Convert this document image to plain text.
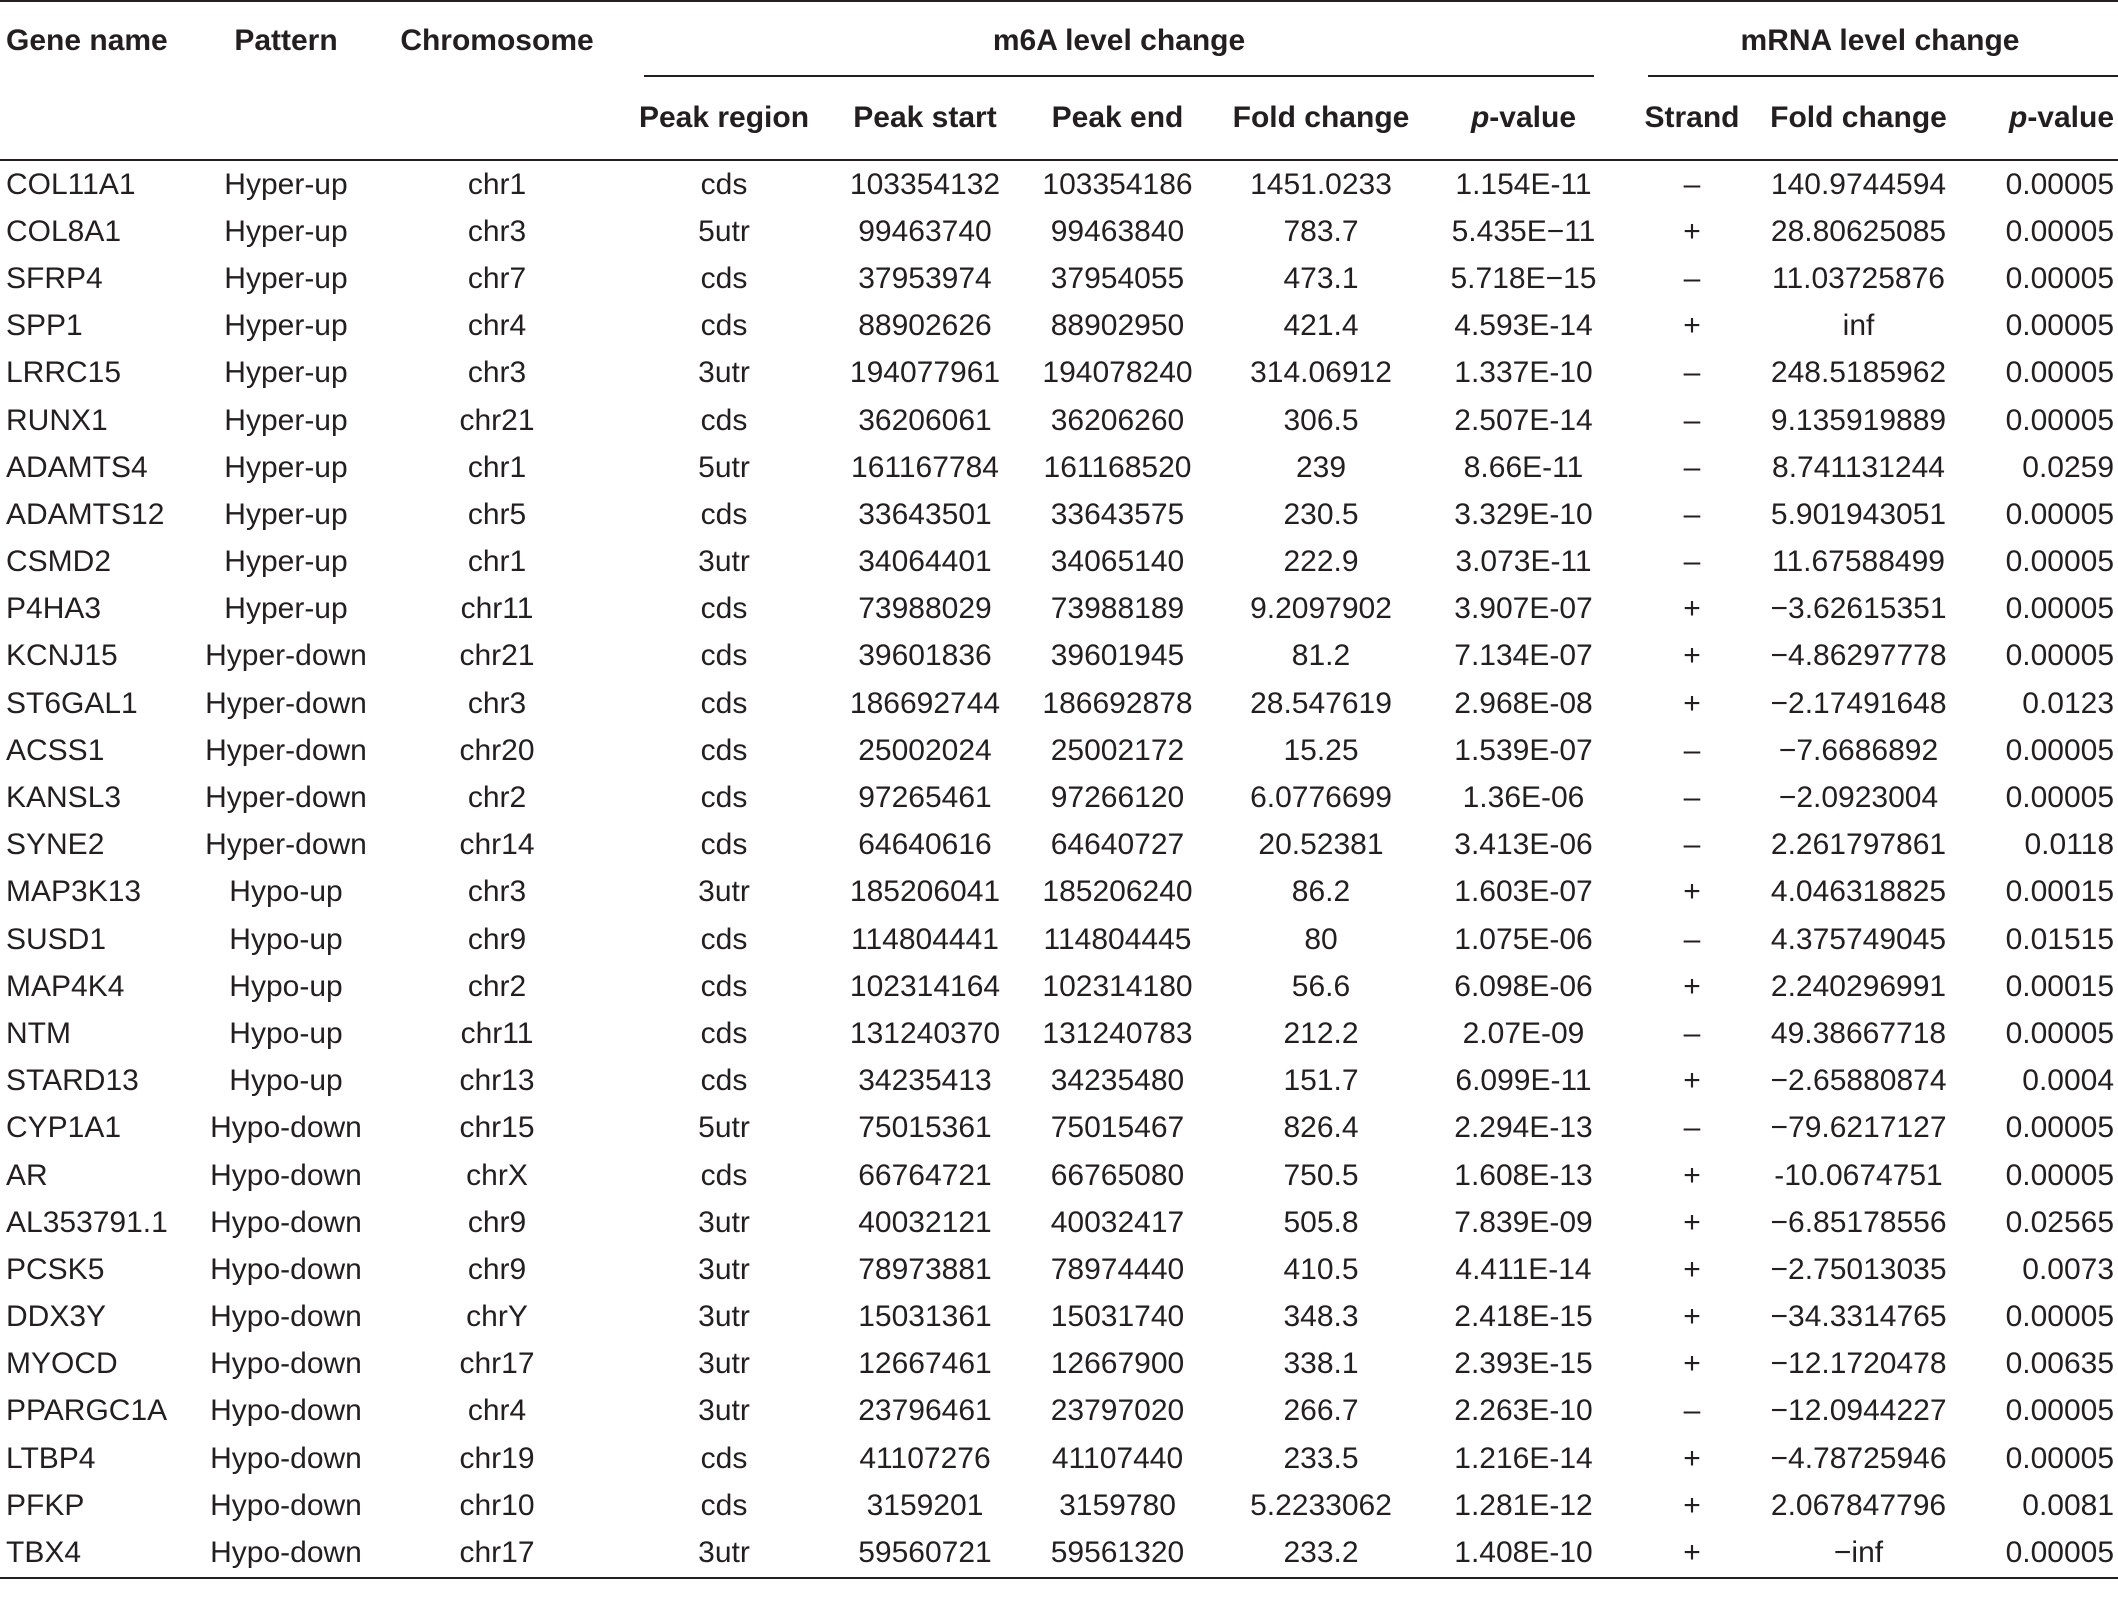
Gene name	Pattern	Chromosome	m6A level change						mRNA level change		

			Peak region	Peak start	Peak end	Fold change	p-value		Strand	Fold change	p-value
COL11A1	Hyper-up	chr1	cds	103354132	103354186	1451.0233	1.154E-11		–	140.9744594	0.00005
COL8A1	Hyper-up	chr3	5utr	99463740	99463840	783.7	5.435E−11		+	28.80625085	0.00005
SFRP4	Hyper-up	chr7	cds	37953974	37954055	473.1	5.718E−15		–	11.03725876	0.00005
SPP1	Hyper-up	chr4	cds	88902626	88902950	421.4	4.593E-14		+	inf	0.00005
LRRC15	Hyper-up	chr3	3utr	194077961	194078240	314.06912	1.337E-10		–	248.5185962	0.00005
RUNX1	Hyper-up	chr21	cds	36206061	36206260	306.5	2.507E-14		–	9.135919889	0.00005
ADAMTS4	Hyper-up	chr1	5utr	161167784	161168520	239	8.66E-11		–	8.741131244	0.0259
ADAMTS12	Hyper-up	chr5	cds	33643501	33643575	230.5	3.329E-10		–	5.901943051	0.00005
CSMD2	Hyper-up	chr1	3utr	34064401	34065140	222.9	3.073E-11		–	11.67588499	0.00005
P4HA3	Hyper-up	chr11	cds	73988029	73988189	9.2097902	3.907E-07		+	−3.62615351	0.00005
KCNJ15	Hyper-down	chr21	cds	39601836	39601945	81.2	7.134E-07		+	−4.86297778	0.00005
ST6GAL1	Hyper-down	chr3	cds	186692744	186692878	28.547619	2.968E-08		+	−2.17491648	0.0123
ACSS1	Hyper-down	chr20	cds	25002024	25002172	15.25	1.539E-07		–	−7.6686892	0.00005
KANSL3	Hyper-down	chr2	cds	97265461	97266120	6.0776699	1.36E-06		–	−2.0923004	0.00005
SYNE2	Hyper-down	chr14	cds	64640616	64640727	20.52381	3.413E-06		–	2.261797861	0.0118
MAP3K13	Hypo-up	chr3	3utr	185206041	185206240	86.2	1.603E-07		+	4.046318825	0.00015
SUSD1	Hypo-up	chr9	cds	114804441	114804445	80	1.075E-06		–	4.375749045	0.01515
MAP4K4	Hypo-up	chr2	cds	102314164	102314180	56.6	6.098E-06		+	2.240296991	0.00015
NTM	Hypo-up	chr11	cds	131240370	131240783	212.2	2.07E-09		–	49.38667718	0.00005
STARD13	Hypo-up	chr13	cds	34235413	34235480	151.7	6.099E-11		+	−2.65880874	0.0004
CYP1A1	Hypo-down	chr15	5utr	75015361	75015467	826.4	2.294E-13		–	−79.6217127	0.00005
AR	Hypo-down	chrX	cds	66764721	66765080	750.5	1.608E-13		+	-10.0674751	0.00005
AL353791.1	Hypo-down	chr9	3utr	40032121	40032417	505.8	7.839E-09		+	−6.85178556	0.02565
PCSK5	Hypo-down	chr9	3utr	78973881	78974440	410.5	4.411E-14		+	−2.75013035	0.0073
DDX3Y	Hypo-down	chrY	3utr	15031361	15031740	348.3	2.418E-15		+	−34.3314765	0.00005
MYOCD	Hypo-down	chr17	3utr	12667461	12667900	338.1	2.393E-15		+	−12.1720478	0.00635
PPARGC1A	Hypo-down	chr4	3utr	23796461	23797020	266.7	2.263E-10		–	−12.0944227	0.00005
LTBP4	Hypo-down	chr19	cds	41107276	41107440	233.5	1.216E-14		+	−4.78725946	0.00005
PFKP	Hypo-down	chr10	cds	3159201	3159780	5.2233062	1.281E-12		+	2.067847796	0.0081
TBX4	Hypo-down	chr17	3utr	59560721	59561320	233.2	1.408E-10		+	−inf	0.00005
